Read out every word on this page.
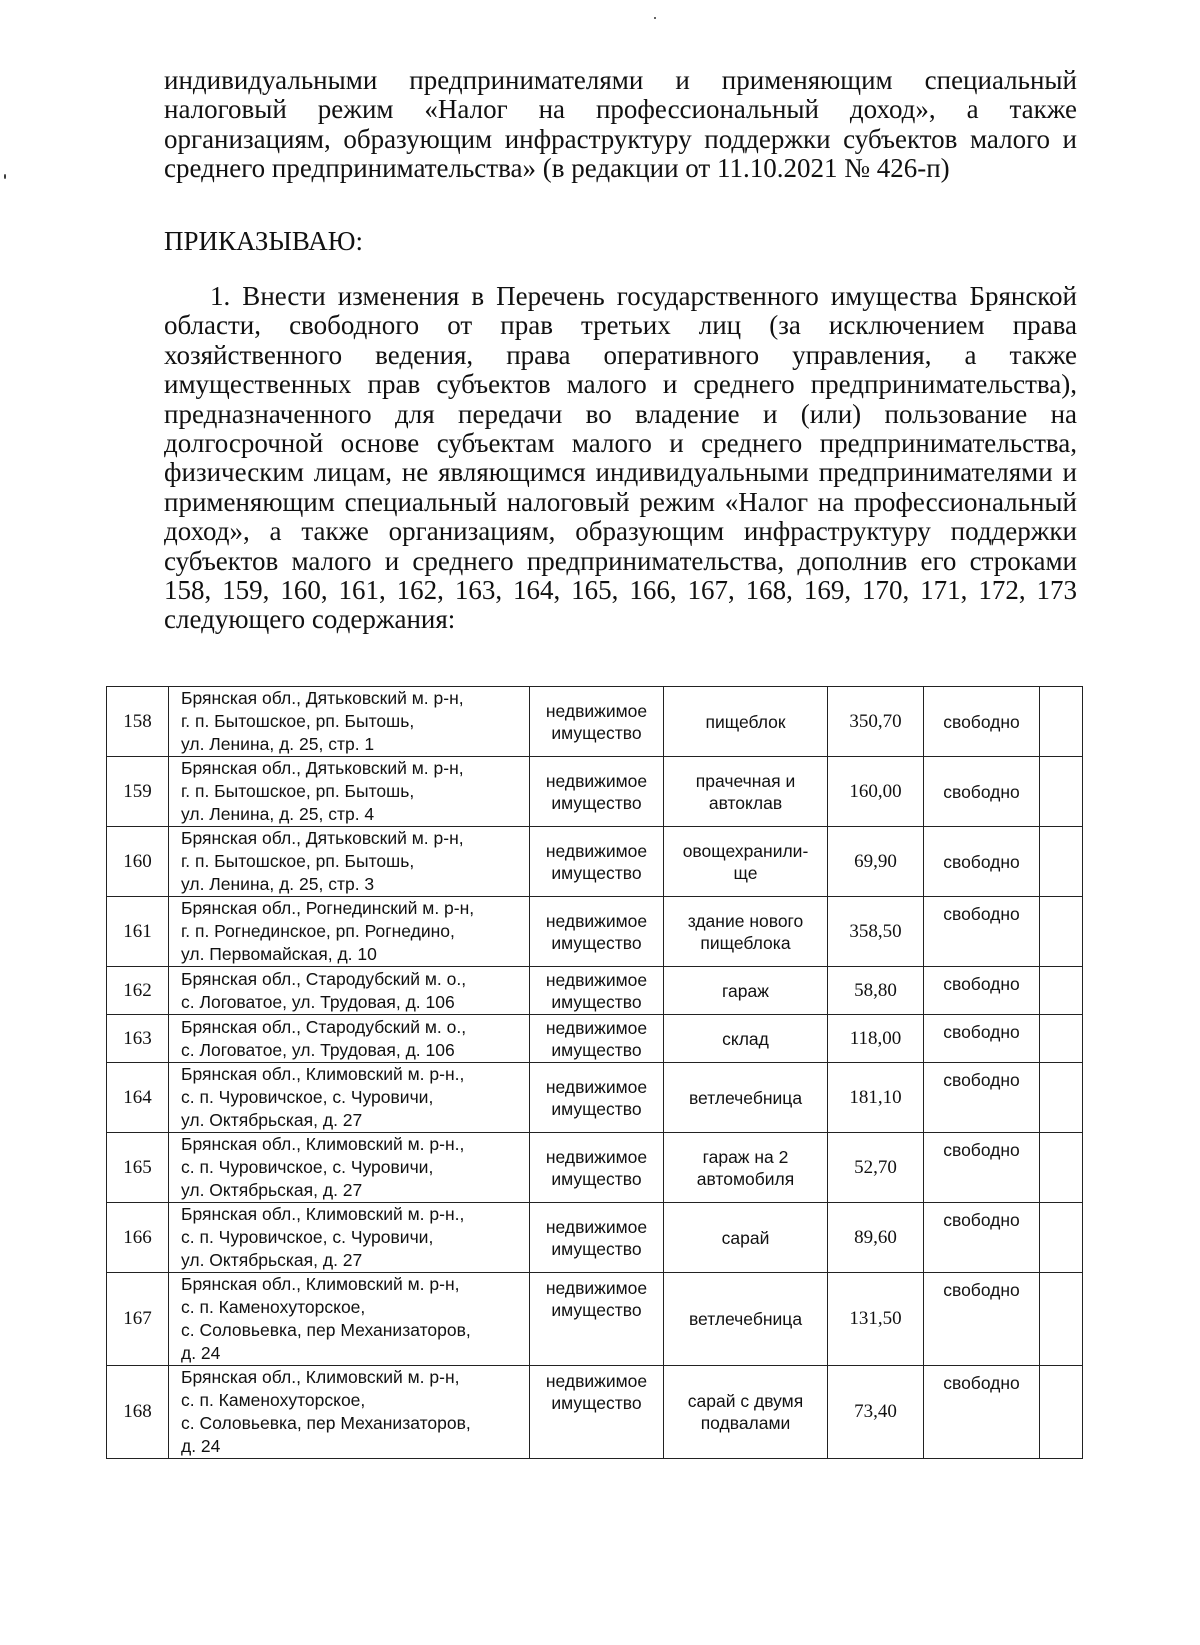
индивидуальными предпринимателями и применяющим специальный налоговый режим «Налог на профессиональный доход», а также организациям, образующим инфраструктуру поддержки субъектов малого и среднего предпринимательства» (в редакции от 11.10.2021 № 426-п)

ПРИКАЗЫВАЮ:

1. Внести изменения в Перечень государственного имущества Брянской области, свободного от прав третьих лиц (за исключением права хозяйственного ведения, права оперативного управления, а также имущественных прав субъектов малого и среднего предпринимательства), предназначенного для передачи во владение и (или) пользование на долгосрочной основе субъектам малого и среднего предпринимательства, физическим лицам, не являющимся индивидуальными предпринимателями и применяющим специальный налоговый режим «Налог на профессиональный доход», а также организациям, образующим инфраструктуру поддержки субъектов малого и среднего предпринимательства, дополнив его строками 158, 159, 160, 161, 162, 163, 164, 165, 166, 167, 168, 169, 170, 171, 172, 173 следующего содержания:

158	Брянская обл., Дятьковский м. р-н,
г. п. Бытошское, рп. Бытошь,
ул. Ленина, д. 25, стр. 1	недвижимое
имущество	пищеблок	350,70	свободно	
159	Брянская обл., Дятьковский м. р-н,
г. п. Бытошское, рп. Бытошь,
ул. Ленина, д. 25, стр. 4	недвижимое
имущество	прачечная и
автоклав	160,00	свободно	
160	Брянская обл., Дятьковский м. р-н,
г. п. Бытошское, рп. Бытошь,
ул. Ленина, д. 25, стр. 3	недвижимое
имущество	овощехранили-
ще	69,90	свободно	
161	Брянская обл., Рогнединский м. р-н,
г. п. Рогнединское, рп. Рогнедино,
ул. Первомайская, д. 10	недвижимое
имущество	здание нового
пищеблока	358,50	свободно	
162	Брянская обл., Стародубский м. о.,
с. Логоватое, ул. Трудовая, д. 106	недвижимое
имущество	гараж	58,80	свободно	
163	Брянская обл., Стародубский м. о.,
с. Логоватое, ул. Трудовая, д. 106	недвижимое
имущество	склад	118,00	свободно	
164	Брянская обл., Климовский м. р-н.,
с. п. Чуровичское, с. Чуровичи,
ул. Октябрьская, д. 27	недвижимое
имущество	ветлечебница	181,10	свободно	
165	Брянская обл., Климовский м. р-н.,
с. п. Чуровичское, с. Чуровичи,
ул. Октябрьская, д. 27	недвижимое
имущество	гараж на 2
автомобиля	52,70	свободно	
166	Брянская обл., Климовский м. р-н.,
с. п. Чуровичское, с. Чуровичи,
ул. Октябрьская, д. 27	недвижимое
имущество	сарай	89,60	свободно	
167	Брянская обл., Климовский м. р-н,
с. п. Каменохуторское,
с. Соловьевка, пер Механизаторов,
д. 24	недвижимое
имущество	ветлечебница	131,50	свободно	
168	Брянская обл., Климовский м. р-н,
с. п. Каменохуторское,
с. Соловьевка, пер Механизаторов,
д. 24	недвижимое
имущество	сарай с двумя
подвалами	73,40	свободно	
